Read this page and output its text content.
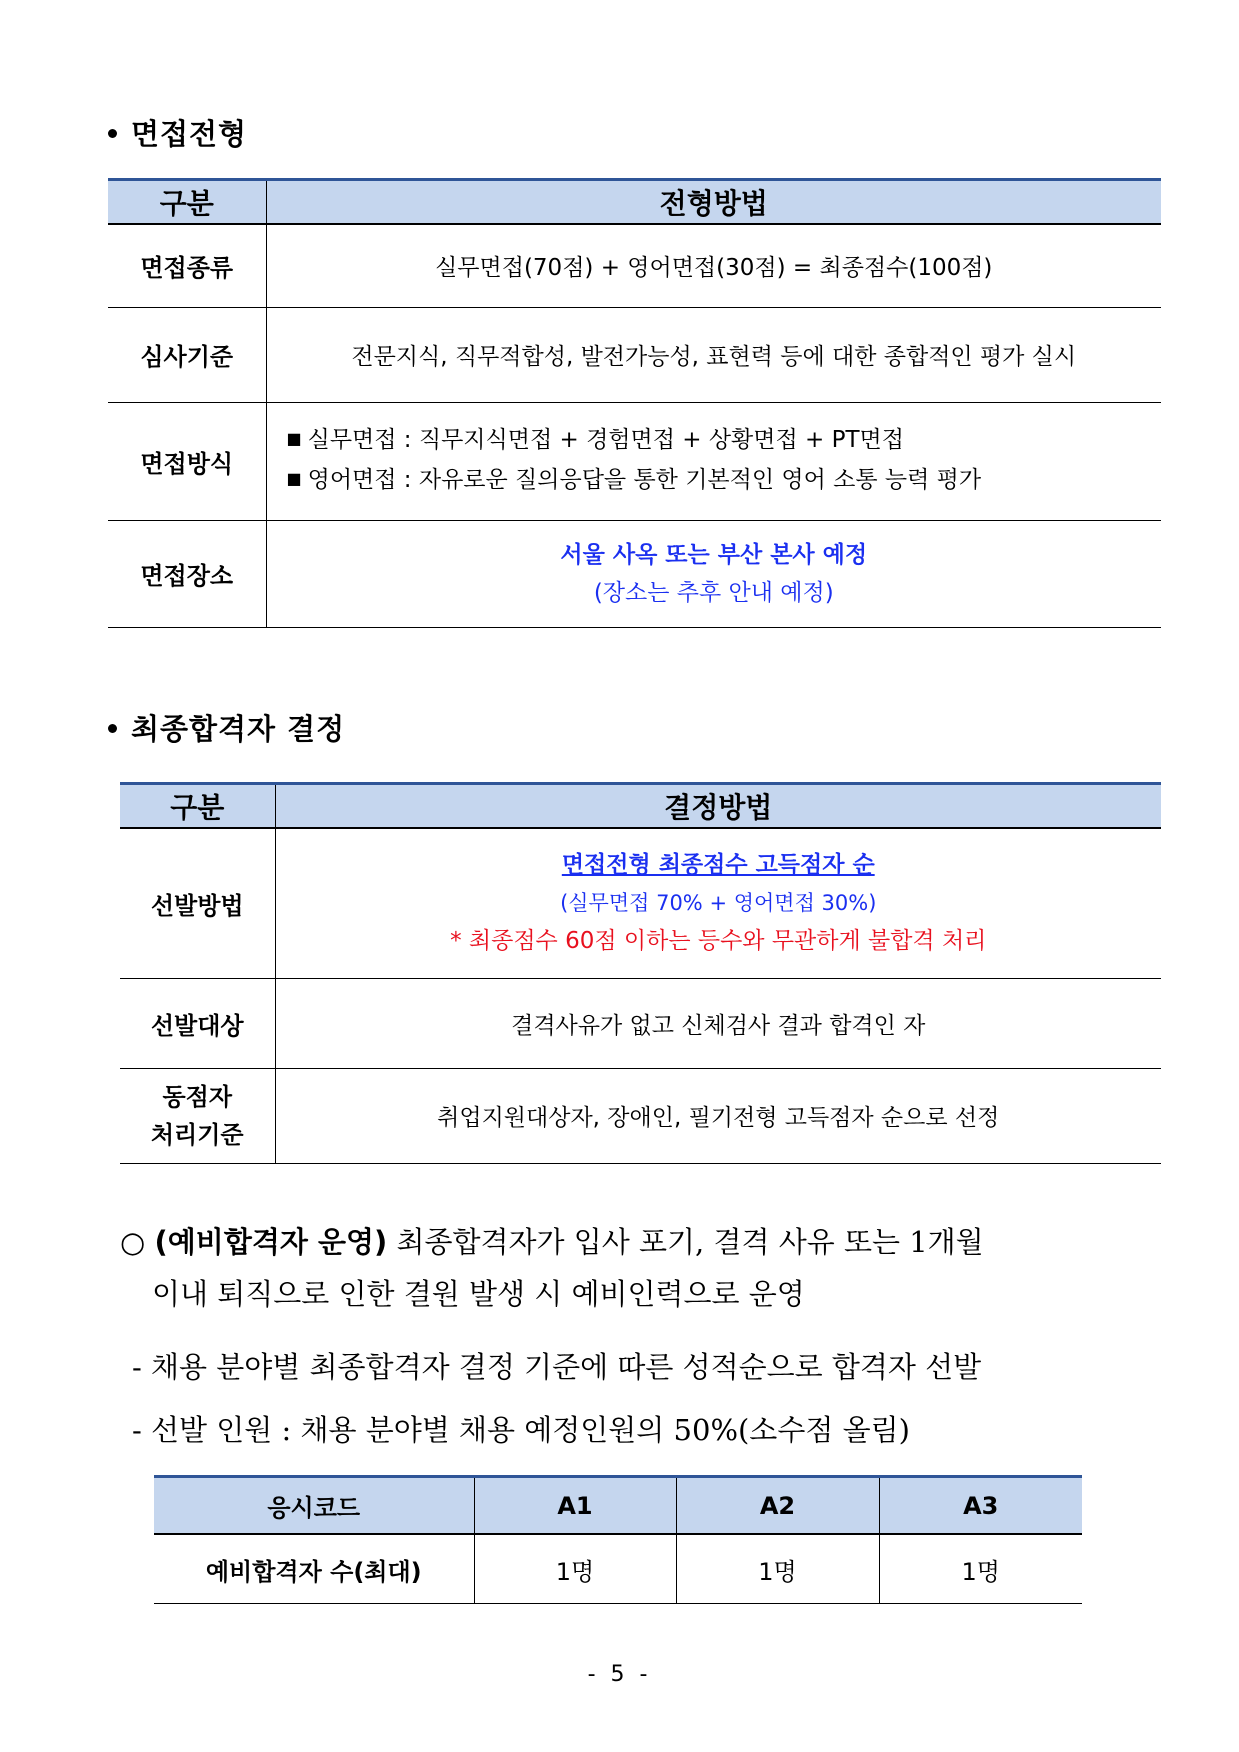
면접전형
구분	전형방법
면접종류	실무면접(70점) + 영어면접(30점) = 최종점수(100점)
심사기준	전문지식, 직무적합성, 발전가능성, 표현력 등에 대한 종합적인 평가 실시
면접방식	■ 실무면접 : 직무지식면접 + 경험면접 + 상황면접 + PT면접
■ 영어면접 : 자유로운 질의응답을 통한 기본적인 영어 소통 능력 평가

면접장소	서울 사옥 또는 부산 본사 예정
(장소는 추후 안내 예정)
최종합격자 결정
구분	결정방법
선발방법	면접전형 최종점수 고득점자 순
(실무면접 70% + 영어면접 30%)
* 최종점수 60점 이하는 등수와 무관하게 불합격 처리

선발대상	결격사유가 없고 신체검사 결과 합격인 자

동점자
처리기준	취업지원대상자, 장애인, 필기전형 고득점자 순으로 선정
○ (예비합격자 운영) 최종합격자가 입사 포기, 결격 사유 또는 1개월
이내 퇴직으로 인한 결원 발생 시 예비인력으로 운영
- 채용 분야별 최종합격자 결정 기준에 따른 성적순으로 합격자 선발
- 선발 인원 : 채용 분야별 채용 예정인원의 50%(소수점 올림)
응시코드	A1	A2	A3
예비합격자 수(최대)	1명	1명	1명
- 5 -
